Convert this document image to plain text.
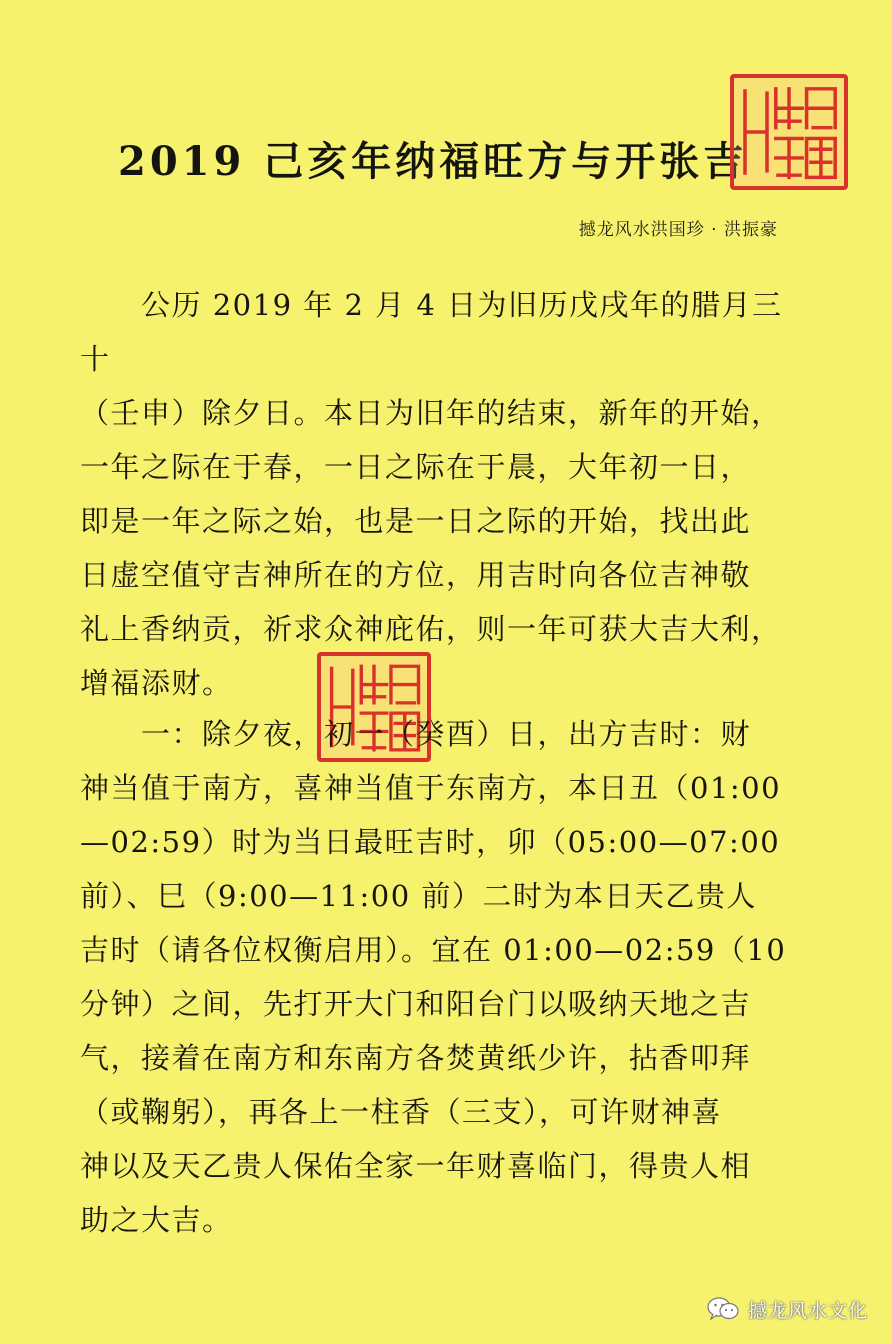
2019 己亥年纳福旺方与开张吉
撼龙风水洪国珍 · 洪振豪
　　公历 2019 年 2 月 4 日为旧历戊戌年的腊月三十
（壬申）除夕日。本日为旧年的结束，新年的开始，
一年之际在于春，一日之际在于晨，大年初一日，
即是一年之际之始，也是一日之际的开始，找出此
日虚空值守吉神所在的方位，用吉时向各位吉神敬
礼上香纳贡，祈求众神庇佑，则一年可获大吉大利，
增福添财。
　　一：除夕夜，初一（癸酉）日，出方吉时：财
神当值于南方，喜神当值于东南方，本日丑（01:00
—02:59）时为当日最旺吉时，卯（05:00—07:00
前）、巳（9:00—11:00 前）二时为本日天乙贵人
吉时（请各位权衡启用）。宜在 01:00—02:59（10
分钟）之间，先打开大门和阳台门以吸纳天地之吉
气，接着在南方和东南方各焚黄纸少许，拈香叩拜
（或鞠躬），再各上一柱香（三支），可许财神喜
神以及天乙贵人保佑全家一年财喜临门，得贵人相
助之大吉。
撼龙风水文化
